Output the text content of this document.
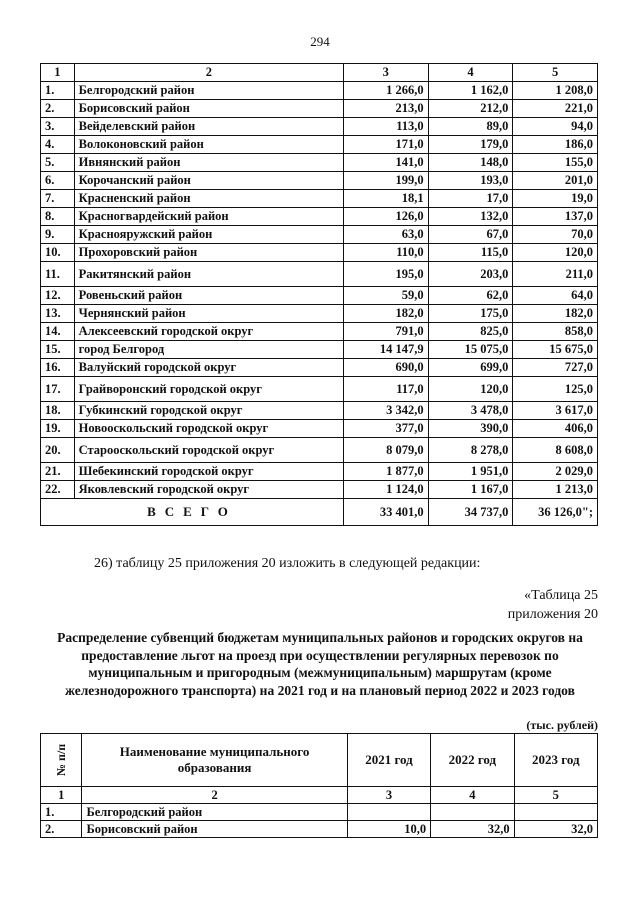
294
1	2	3	4	5
1.	Белгородский район	1 266,0	1 162,0	1 208,0
2.	Борисовский район	213,0	212,0	221,0
3.	Вейделевский район	113,0	89,0	94,0
4.	Волоконовский район	171,0	179,0	186,0
5.	Ивнянский район	141,0	148,0	155,0
6.	Корочанский район	199,0	193,0	201,0
7.	Красненский район	18,1	17,0	19,0
8.	Красногвардейский район	126,0	132,0	137,0
9.	Краснояружский район	63,0	67,0	70,0
10.	Прохоровский район	110,0	115,0	120,0
11.	Ракитянский район	195,0	203,0	211,0
12.	Ровеньский район	59,0	62,0	64,0
13.	Чернянский район	182,0	175,0	182,0
14.	Алексеевский городской округ	791,0	825,0	858,0
15.	город Белгород	14 147,9	15 075,0	15 675,0
16.	Валуйский городской округ	690,0	699,0	727,0
17.	Грайворонский городской округ	117,0	120,0	125,0
18.	Губкинский городской округ	3 342,0	3 478,0	3 617,0
19.	Новооскольский городской округ	377,0	390,0	406,0
20.	Старооскольский городской округ	8 079,0	8 278,0	8 608,0
21.	Шебекинский городской округ	1 877,0	1 951,0	2 029,0
22.	Яковлевский городской округ	1 124,0	1 167,0	1 213,0
ВСЕГО		33 401,0	34 737,0	36 126,0";
26) таблицу 25 приложения 20 изложить в следующей редакции:
«Таблица 25
приложения 20
Распределение субвенций бюджетам муниципальных районов и городских округов на предоставление льгот на проезд при осуществлении регулярных перевозок по муниципальным и пригородным (межмуниципальным) маршрутам (кроме железнодорожного транспорта) на 2021 год и на плановый период 2022 и 2023 годов
(тыс. рублей)
№ п/п	Наименование муниципального образования	2021 год	2022 год	2023 год
1	2	3	4	5
1.	Белгородский район			
2.	Борисовский район	10,0	32,0	32,0
